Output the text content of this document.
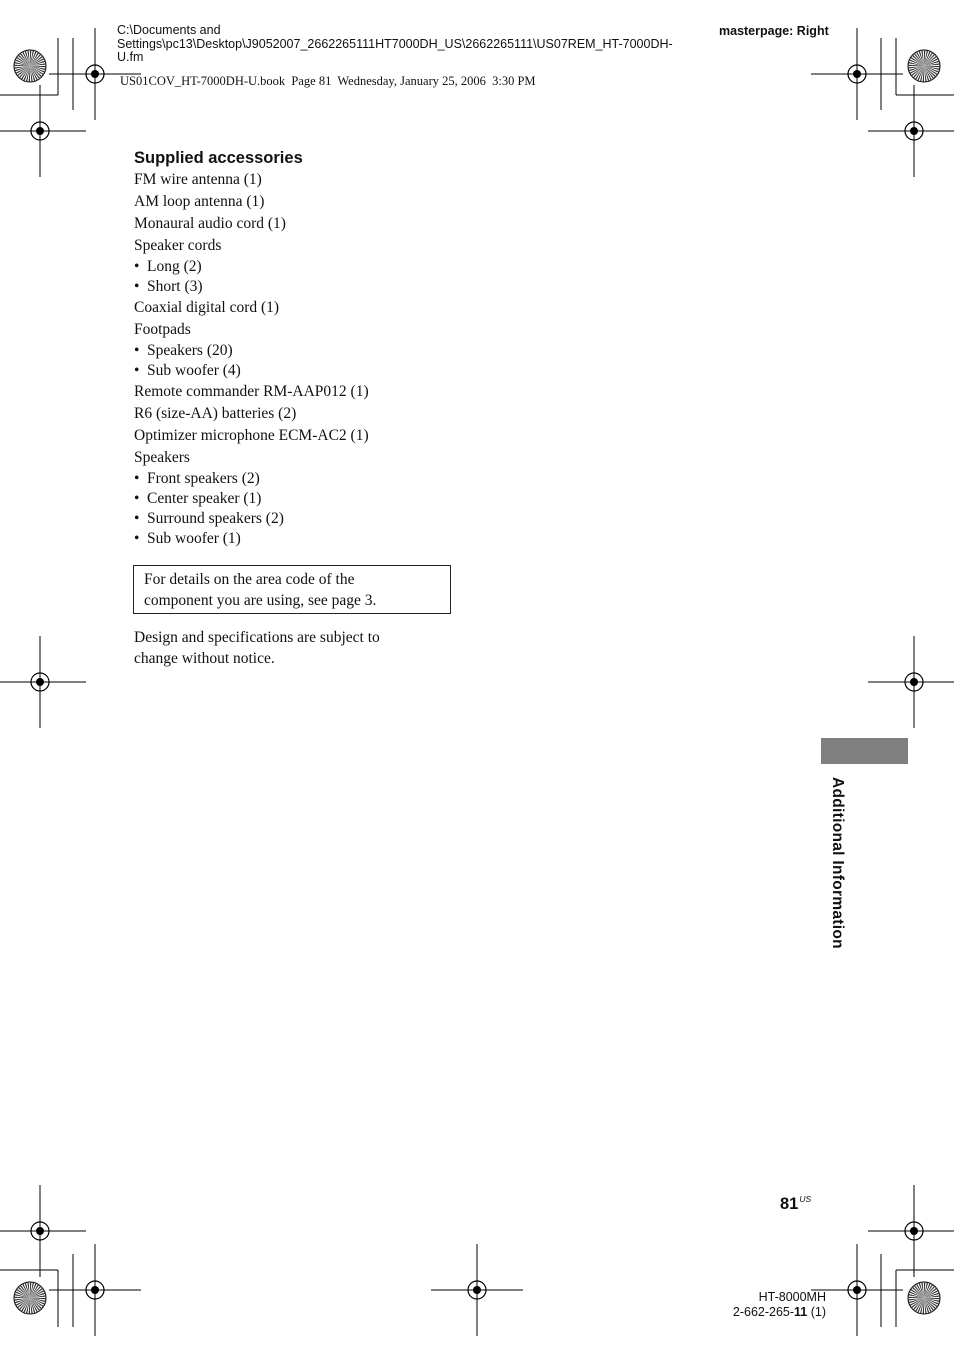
C:\Documents and Settings\pc13\Desktop\J9052007_2662265111HT7000DH_US\2662265111\US07REM_HT-7000DH-U.fm
US01COV_HT-7000DH-U.book  Page 81  Wednesday, January 25, 2006  3:30 PM
masterpage: Right
Supplied accessories
FM wire antenna (1)
AM loop antenna (1)
Monaural audio cord (1)
Speaker cords
• Long (2)
• Short (3)
Coaxial digital cord (1)
Footpads
• Speakers (20)
• Sub woofer (4)
Remote commander RM-AAP012 (1)
R6 (size-AA) batteries (2)
Optimizer microphone ECM-AC2 (1)
Speakers
• Front speakers (2)
• Center speaker (1)
• Surround speakers (2)
• Sub woofer (1)
For details on the area code of the
component you are using, see page 3.
Design and specifications are subject to
change without notice.
Additional Information
$81^{US}$
HT-8000MH
2-662-265-11 (1)
